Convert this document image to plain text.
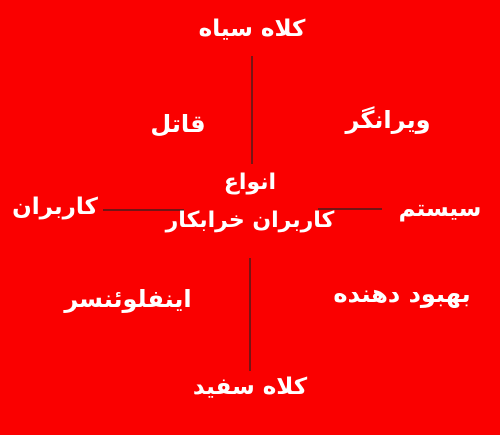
انواع
کاربران خرابکار
کلاه سیاه
کلاه سفید
کاربران	سیستم
قاتل	ویرانگر
اینفلوئنسر	بهبود دهنده
